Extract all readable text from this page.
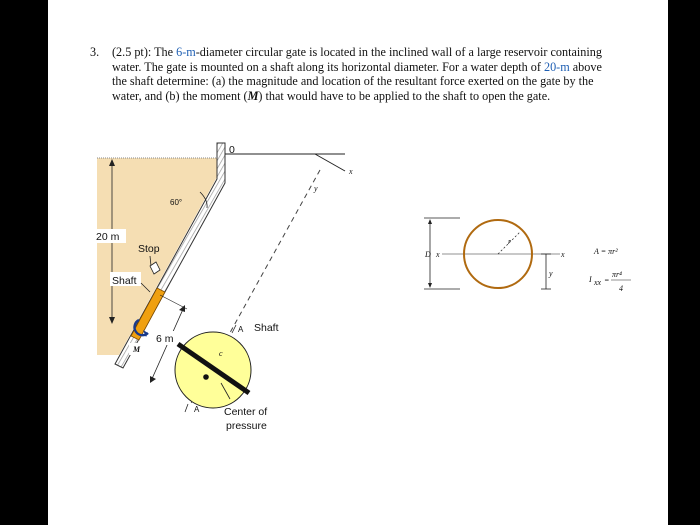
3. (2.5 pt): The 6-m-diameter circular gate is located in the inclined wall of a large reservoir containing water. The gate is mounted on a shaft along its horizontal diameter. For a water depth of 20-m above the shaft determine: (a) the magnitude and location of the resultant force exerted on the gate by the water, and (b) the moment (M) that would have to be applied to the shaft to open the gate.
0
x
y
60°
20 m
Stop
Shaft
M
6 m
c
A Shaft
A Center of
pressure
D x
r
x
y
A = πr²
I xx =
πr⁴
4
